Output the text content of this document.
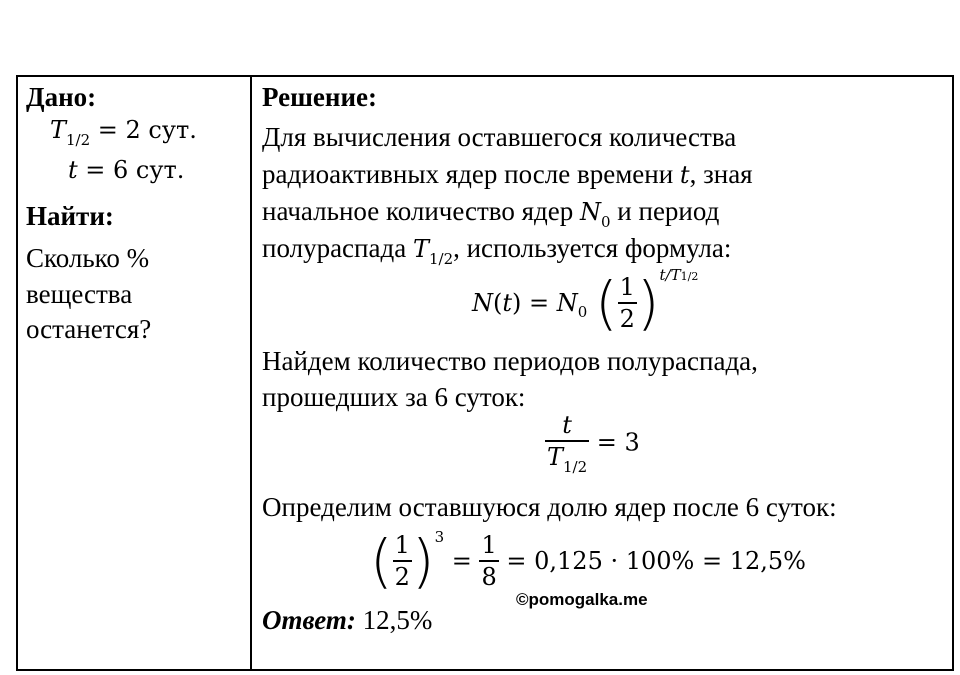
Дано:
$T_{1/2} = 2$ сут.
t = 6 сут.
Найти:
Сколько %
вещества
останется?
Решение:
Для вычисления оставшегося количества
радиоактивных ядер после времени t, зная
начальное количество ядер $N_0$ и период
полураспада $T_{1/2}$, используется формула:
$N(t) = N_0$ ( $\frac{1}{2} )t/T1/2$
Найдем количество периодов полураспада,
прошедших за 6 суток:
$\frac{t}{T_{1/2}} = 3$
Определим оставшуюся долю ядер после 6 суток:
( $\frac{1}{2} )^3 = \frac{1}{8} = 0,125 \cdot 100\% = 12,5\%$
Ответ: 12,5%
©pomogalka.me
